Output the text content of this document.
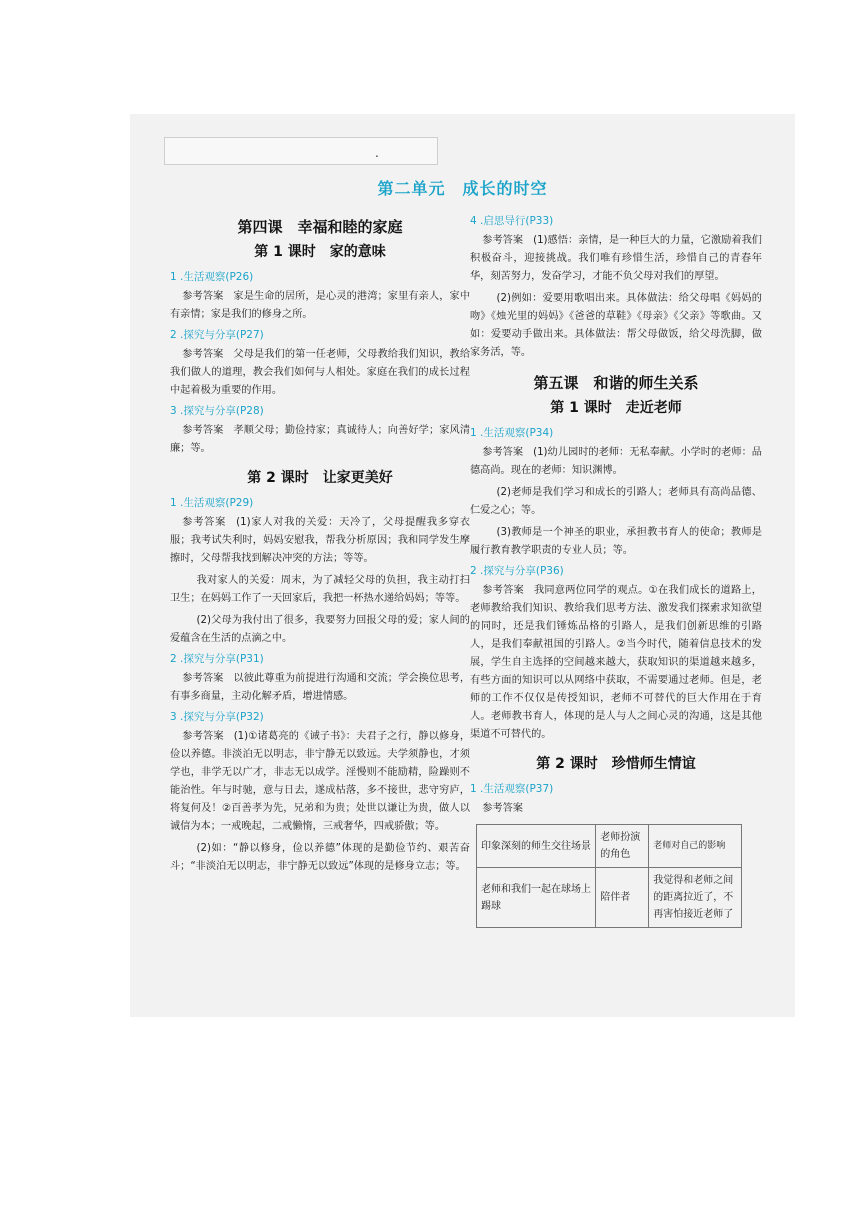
.
第二单元　成长的时空
第四课　幸福和睦的家庭
第 1 课时　家的意味
1 .生活观察(P26)
参考答案 家是生命的居所，是心灵的港湾；家里有亲人，家中有亲情；家是我们的修身之所。
2 .探究与分享(P27)
参考答案 父母是我们的第一任老师，父母教给我们知识，教给我们做人的道理，教会我们如何与人相处。家庭在我们的成长过程中起着极为重要的作用。
3 .探究与分享(P28)
参考答案 孝顺父母；勤俭持家；真诚待人；向善好学；家风清廉；等。
第 2 课时　让家更美好
1 .生活观察(P29)
参考答案 (1)家人对我的关爱：天冷了，父母提醒我多穿衣服；我考试失利时，妈妈安慰我，帮我分析原因；我和同学发生摩擦时，父母帮我找到解决冲突的方法；等等。
我对家人的关爱：周末，为了减轻父母的负担，我主动打扫卫生；在妈妈工作了一天回家后，我把一杯热水递给妈妈；等等。
(2)父母为我付出了很多，我要努力回报父母的爱；家人间的爱蕴含在生活的点滴之中。
2 .探究与分享(P31)
参考答案 以彼此尊重为前提进行沟通和交流；学会换位思考，有事多商量，主动化解矛盾，增进情感。
3 .探究与分享(P32)
参考答案 (1)①诸葛亮的《诫子书》：夫君子之行，静以修身，俭以养德。非淡泊无以明志，非宁静无以致远。夫学须静也，才须学也，非学无以广才，非志无以成学。淫慢则不能励精，险躁则不能治性。年与时驰，意与日去，遂成枯落，多不接世，悲守穷庐，将复何及！②百善孝为先，兄弟和为贵；处世以谦让为贵，做人以诚信为本；一戒晚起，二戒懒惰，三戒奢华，四戒骄傲；等。
(2)如：“静以修身，俭以养德”体现的是勤俭节约、艰苦奋斗；“非淡泊无以明志，非宁静无以致远”体现的是修身立志；等。
4 .启思导行(P33)
参考答案 (1)感悟：亲情，是一种巨大的力量，它激励着我们积极奋斗，迎接挑战。我们唯有珍惜生活，珍惜自己的青春年华，刻苦努力，发奋学习，才能不负父母对我们的厚望。
(2)例如：爱要用歌唱出来。具体做法：给父母唱《妈妈的吻》《烛光里的妈妈》《爸爸的草鞋》《母亲》《父亲》等歌曲。又如：爱要动手做出来。具体做法：帮父母做饭，给父母洗脚，做家务活，等。
第五课　和谐的师生关系
第 1 课时　走近老师
1 .生活观察(P34)
参考答案 (1)幼儿园时的老师：无私奉献。小学时的老师：品德高尚。现在的老师：知识渊博。
(2)老师是我们学习和成长的引路人；老师具有高尚品德、仁爱之心；等。
(3)教师是一个神圣的职业，承担教书育人的使命；教师是履行教育教学职责的专业人员；等。
2 .探究与分享(P36)
参考答案 我同意两位同学的观点。①在我们成长的道路上，老师教给我们知识、教给我们思考方法、激发我们探索求知欲望的同时，还是我们锤炼品格的引路人，是我们创新思维的引路人，是我们奉献祖国的引路人。②当今时代，随着信息技术的发展，学生自主选择的空间越来越大，获取知识的渠道越来越多，有些方面的知识可以从网络中获取，不需要通过老师。但是，老师的工作不仅仅是传授知识，老师不可替代的巨大作用在于育人。老师教书育人，体现的是人与人之间心灵的沟通，这是其他渠道不可替代的。
第 2 课时　珍惜师生情谊
1 .生活观察(P37)
参考答案
印象深刻的师生交往场景	老师扮演的角色	老师对自己的影响
老师和我们一起在球场上踢球	陪伴者	我觉得和老师之间的距离拉近了，不再害怕接近老师了
